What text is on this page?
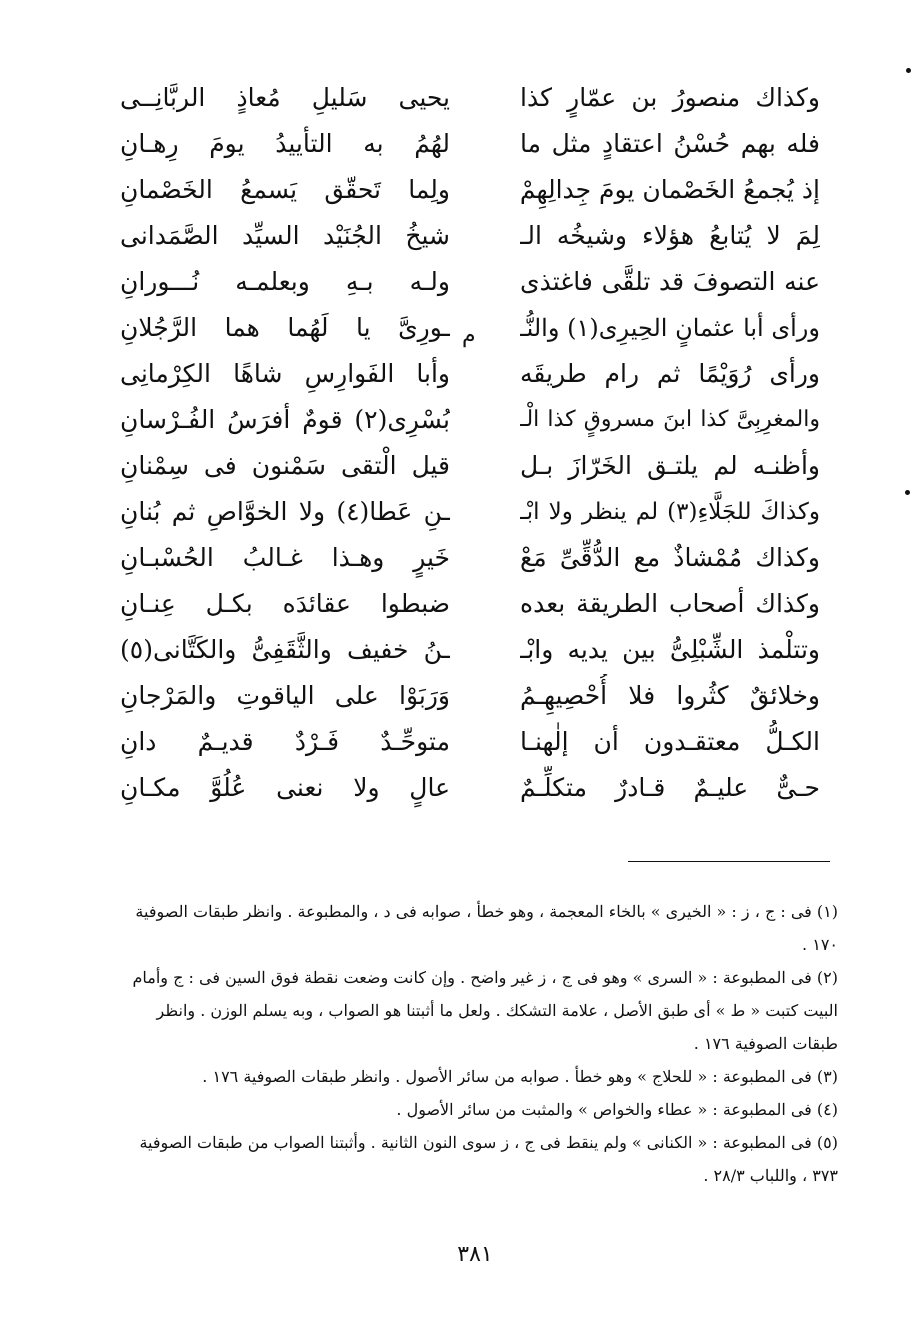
وكذاك منصورُ بن عمّارٍ كذا
يحيى سَليلِ مُعاذٍ الربَّانِــى
فله بهم حُسْنُ اعتقادٍ مثل ما
لهُمُ به التأييدُ يومَ رِهـانِ
إذ يُجمعُ الخَصْمان يومَ جِدالِهِمْ
ولِما تَحقّق يَسمعُ الخَصْمانِ
لِمَ لا يُتابعُ هؤلاء وشيخُه الـ
شيخُ الجُنَيْد السيِّد الصَّمَدانى
عنه التصوفَ قد تلقَّى فاغتذى
ولـه بـهِ وبعلمـه نُـــورانِ
ورأى أبا عثمانٍ الحِيرِى(١) والنُّـ
ـورِىَّ يا لَهُما هما الرَّجُلانِ
ورأى رُوَيْمًا ثم رام طريقَه
وأبا الفَوارِسِ شاهًا الكِرْمانِى
والمغرِبِىَّ كذا ابنَ مسروقٍ كذا الْـ
بُسْرِى(٢) قومٌ أفرَسُ الفُـرْسانِ
وأظنـه لم يلتـق الخَرّازَ بـل
قيل الْتقى سَمْنون فى سِمْنانِ
وكذاكَ للجَلَّاءِ(٣) لم ينظر ولا ابْـ
ـنِ عَطا(٤) ولا الخوَّاصِ ثم بُنانِ
وكذاك مُمْشاذٌ مع الدُّقِّىِّ مَعْ
خَيرٍ وهـذا غـالبُ الحُسْبـانِ
وكذاك أصحاب الطريقة بعده
ضبطوا عقائدَه بكـل عِنـانِ
وتتلْمذ الشِّبْلِىُّ بين يديه وابْـ
ـنُ خفيف والثَّقَفِىُّ والكَتَّانى(٥)
وخلائقٌ كثُروا فلا أُحْصِيهِـمُ
وَرَبَوْا على الياقوتِ والمَرْجانِ
الكـلُّ معتقـدون أن إلٰهنـا
متوحِّـدٌ فَـرْدٌ قديـمٌ دانِ
حـىٌّ عليـمٌ قـادرٌ متكلِّـمٌ
عالٍ ولا نعنى عُلُوَّ مكـانِ
م
(١) فى : ج ، ز : « الخيرى » بالخاء المعجمة ، وهو خطأ ، صوابه فى د ، والمطبوعة . وانظر طبقات الصوفية ١٧٠ .
(٢) فى المطبوعة : « السرى » وهو فى ج ، ز غير واضح . وإن كانت وضعت نقطة فوق السين فى : ج وأمام البيت كتبت « ط » أى طبق الأصل ، علامة التشكك . ولعل ما أثبتنا هو الصواب ، وبه يسلم الوزن . وانظر طبقات الصوفية ١٧٦ .
(٣) فى المطبوعة : « للحلاج » وهو خطأ . صوابه من سائر الأصول . وانظر طبقات الصوفية ١٧٦ .
(٤) فى المطبوعة : « عطاء والخواص » والمثبت من سائر الأصول .
(٥) فى المطبوعة : « الكنانى » ولم ينقط فى ج ، ز سوى النون الثانية . وأثبتنا الصواب من طبقات الصوفية ٣٧٣ ، واللباب ٢٨/٣ .
٣٨١
